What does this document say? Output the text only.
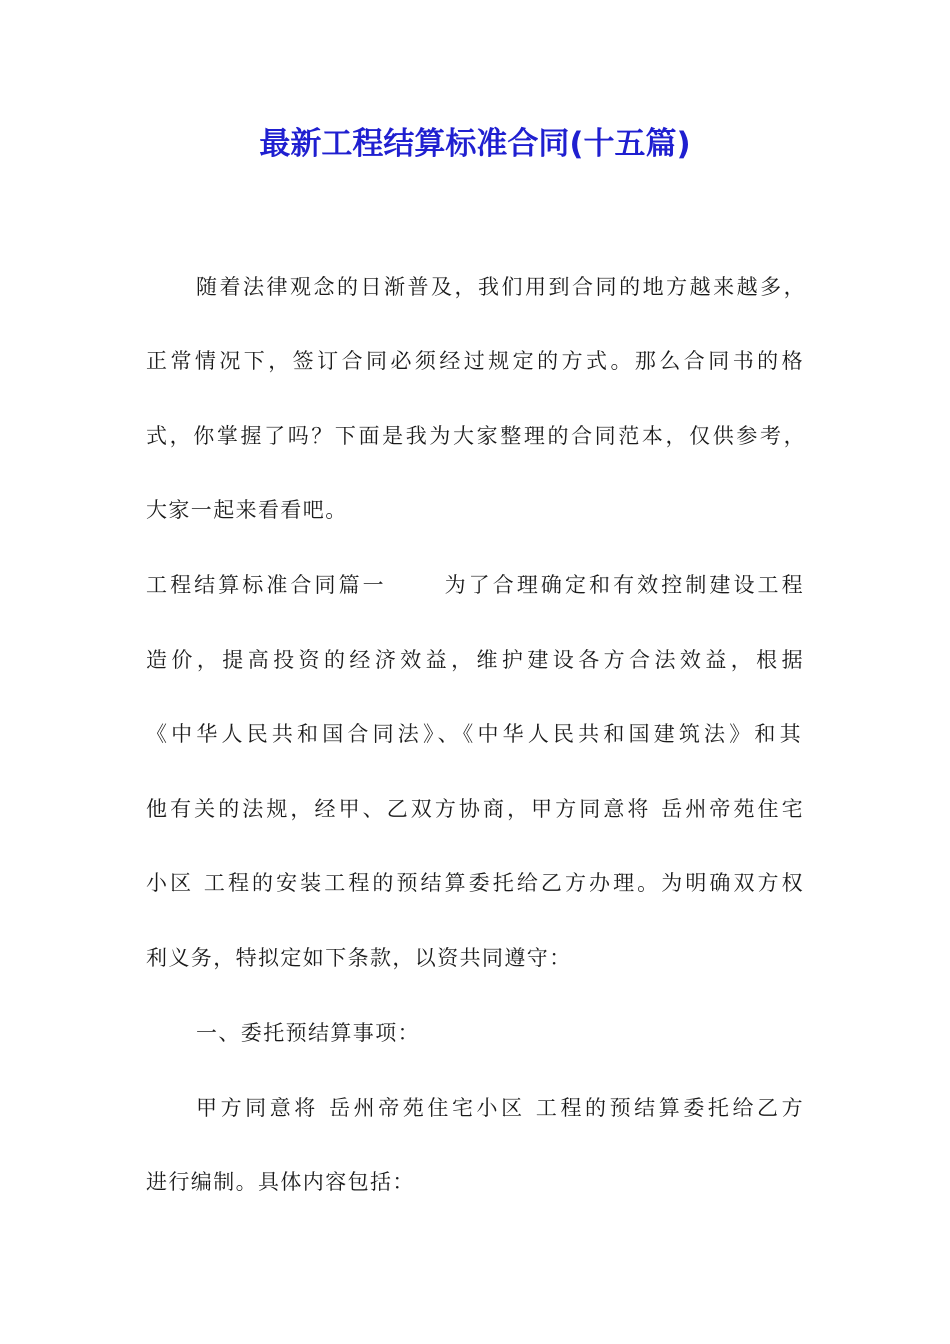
最新工程结算标准合同(十五篇)
随着法律观念的日渐普及，我们用到合同的地方越来越多，
正常情况下，签订合同必须经过规定的方式。那么合同书的格
式，你掌握了吗？下面是我为大家整理的合同范本，仅供参考，
大家一起来看看吧。
工程结算标准合同篇一　　 为了合理确定和有效控制建设工程
造价，提高投资的经济效益，维护建设各方合法效益，根据
《中华人民共和国合同法》、《中华人民共和国建筑法》和其
他有关的法规，经甲、乙双方协商，甲方同意将 岳州帝苑住宅
小区 工程的安装工程的预结算委托给乙方办理。为明确双方权
利义务，特拟定如下条款，以资共同遵守：
一、委托预结算事项：
甲方同意将 岳州帝苑住宅小区 工程的预结算委托给乙方
进行编制。具体内容包括：
